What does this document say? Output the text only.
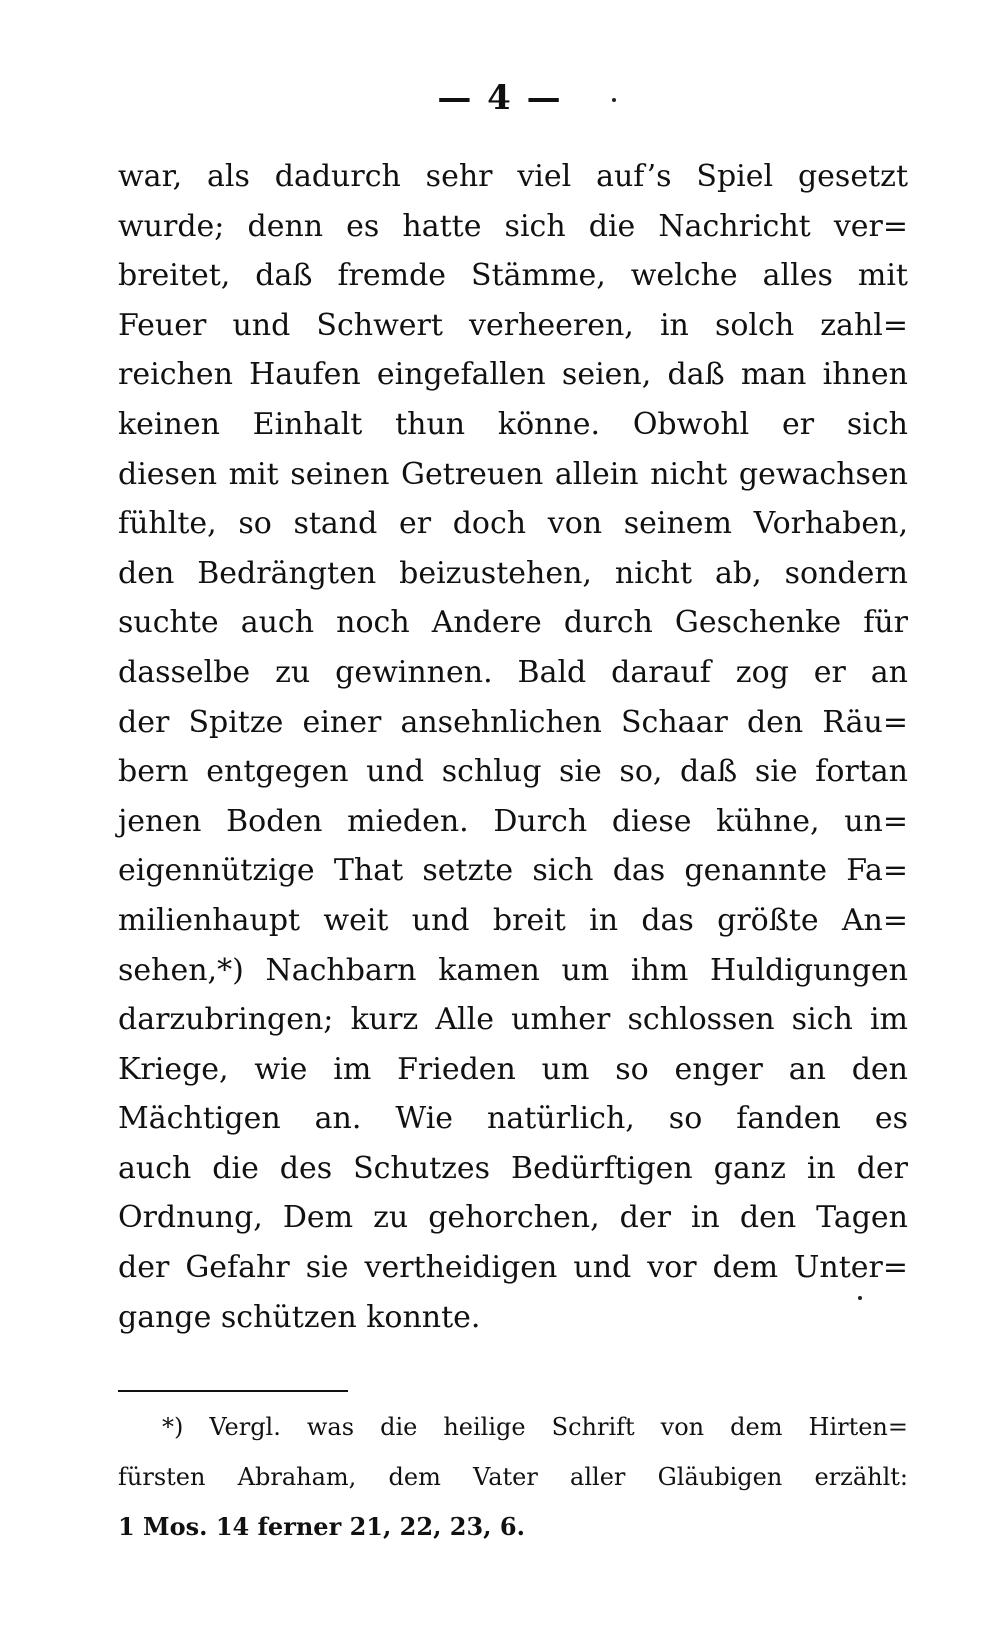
— 4 —
war, als dadurch sehr viel auf’s Spiel gesetzt
wurde; denn es hatte sich die Nachricht ver=
breitet, daß fremde Stämme, welche alles mit
Feuer und Schwert verheeren, in solch zahl=
reichen Haufen eingefallen seien, daß man ihnen
keinen Einhalt thun könne. Obwohl er sich
diesen mit seinen Getreuen allein nicht gewachsen
fühlte, so stand er doch von seinem Vorhaben,
den Bedrängten beizustehen, nicht ab, sondern
suchte auch noch Andere durch Geschenke für
dasselbe zu gewinnen. Bald darauf zog er an
der Spitze einer ansehnlichen Schaar den Räu=
bern entgegen und schlug sie so, daß sie fortan
jenen Boden mieden. Durch diese kühne, un=
eigennützige That setzte sich das genannte Fa=
milienhaupt weit und breit in das größte An=
sehen,*) Nachbarn kamen um ihm Huldigungen
darzubringen; kurz Alle umher schlossen sich im
Kriege, wie im Frieden um so enger an den
Mächtigen an. Wie natürlich, so fanden es
auch die des Schutzes Bedürftigen ganz in der
Ordnung, Dem zu gehorchen, der in den Tagen
der Gefahr sie vertheidigen und vor dem Unter=
gange schützen konnte.
*) Vergl. was die heilige Schrift von dem Hirten=
fürsten Abraham, dem Vater aller Gläubigen erzählt:
1 Mos. 14 ferner 21, 22, 23, 6.
